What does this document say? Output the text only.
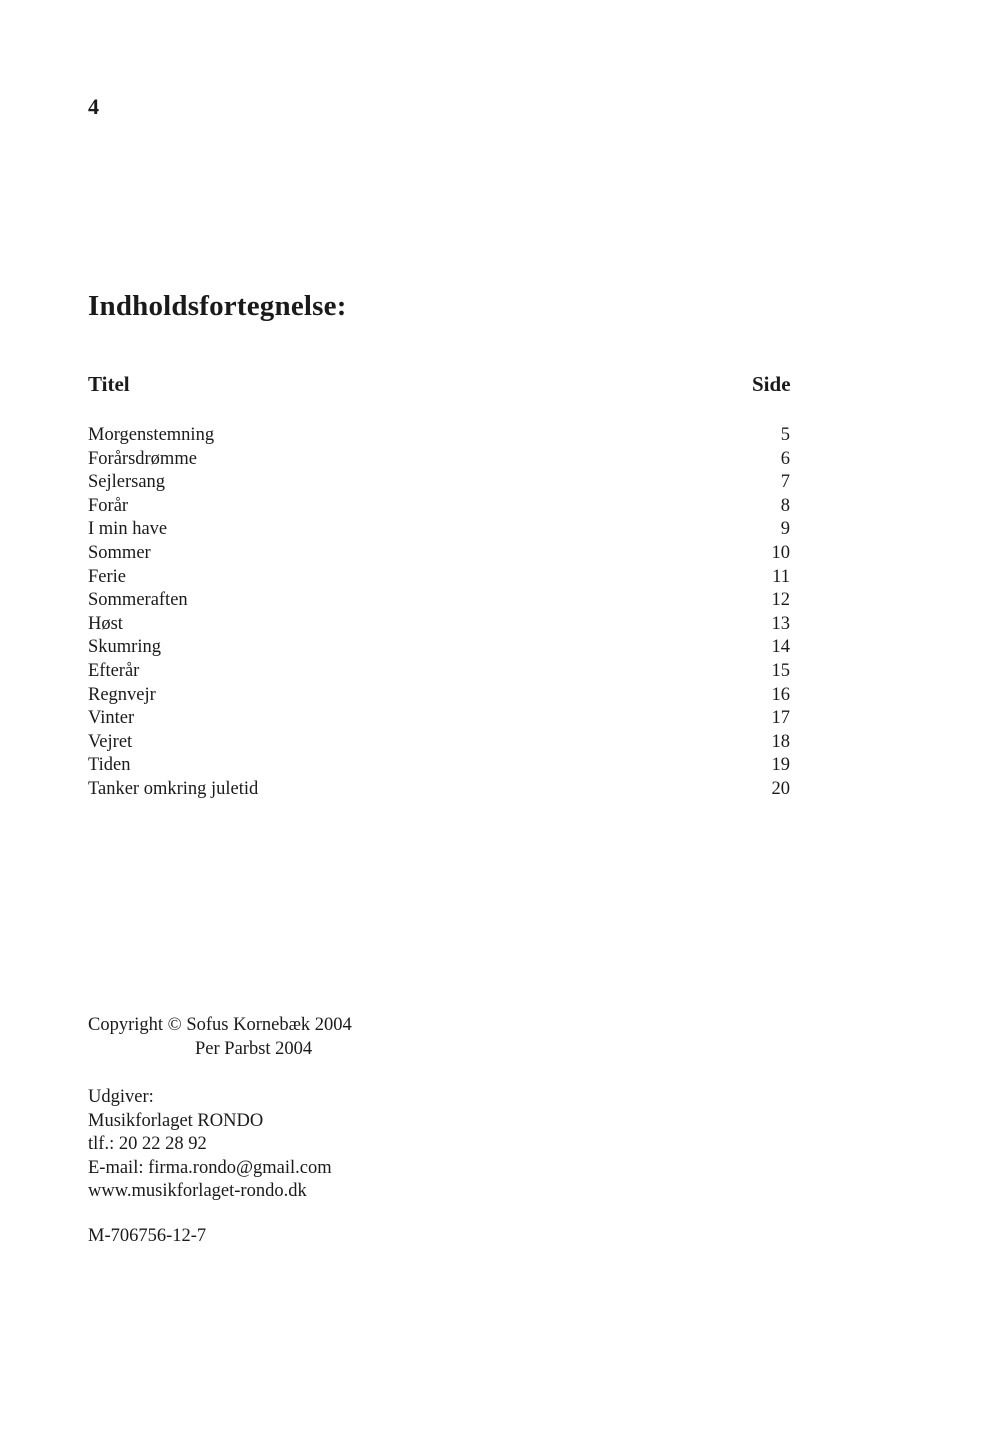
4
Indholdsfortegnelse:
Titel	Side
Morgenstemning	5
Forårsdrømme	6
Sejlersang	7
Forår	8
I min have	9
Sommer	10
Ferie	11
Sommeraften	12
Høst	13
Skumring	14
Efterår	15
Regnvejr	16
Vinter	17
Vejret	18
Tiden	19
Tanker omkring juletid	20
Copyright © Sofus Kornebæk 2004
Per Parbst 2004
Udgiver:
Musikforlaget RONDO
tlf.: 20 22 28 92
E-mail: firma.rondo@gmail.com
www.musikforlaget-rondo.dk
M-706756-12-7
